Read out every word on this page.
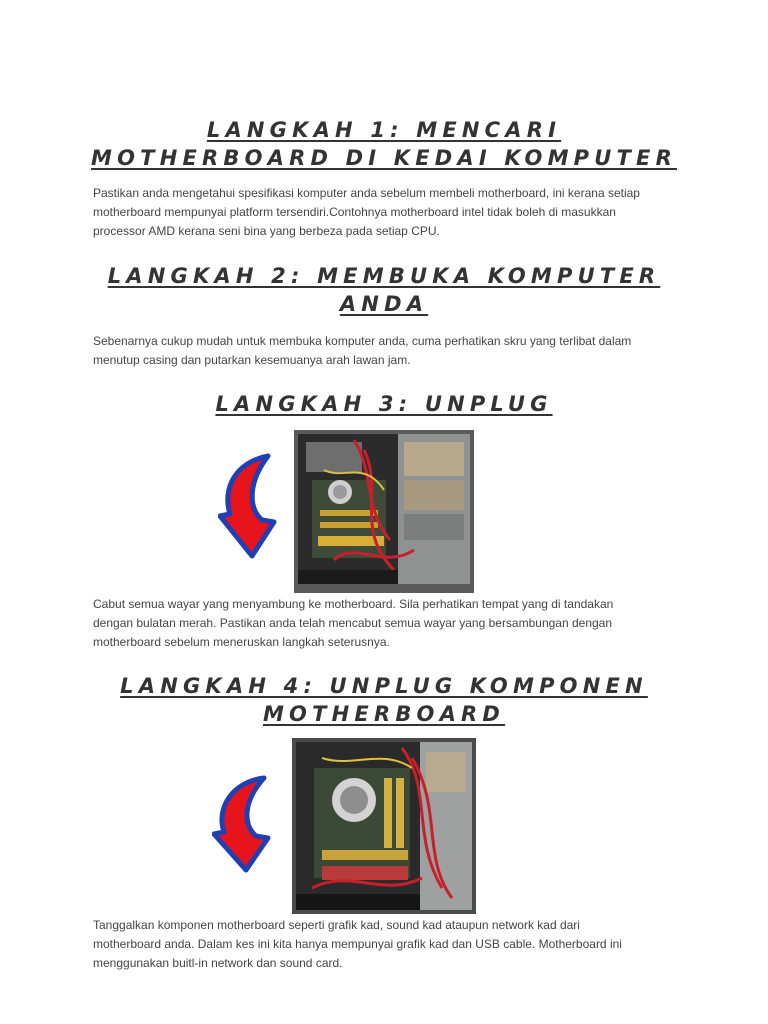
LANGKAH 1: MENCARI
MOTHERBOARD DI KEDAI KOMPUTER

Pastikan anda mengetahui spesifikasi komputer anda sebelum membeli motherboard, ini kerana setiap
motherboard mempunyai platform tersendiri.Contohnya motherboard intel tidak boleh di masukkan
processor AMD kerana seni bina yang berbeza pada setiap CPU.

LANGKAH 2: MEMBUKA KOMPUTER
ANDA

Sebenarnya cukup mudah untuk membuka komputer anda, cuma perhatikan skru yang terlibat dalam
menutup casing dan putarkan kesemuanya arah lawan jam.

LANGKAH 3: UNPLUG

Cabut semua wayar yang menyambung ke motherboard. Sila perhatikan tempat yang di tandakan
dengan bulatan merah. Pastikan anda telah mencabut semua wayar yang bersambungan dengan
motherboard sebelum meneruskan langkah seterusnya.

LANGKAH 4: UNPLUG KOMPONEN
MOTHERBOARD

Tanggalkan komponen motherboard seperti grafik kad, sound kad ataupun network kad dari
motherboard anda. Dalam kes ini kita hanya mempunyai grafik kad dan USB cable. Motherboard ini
menggunakan buitl-in network dan sound card.
